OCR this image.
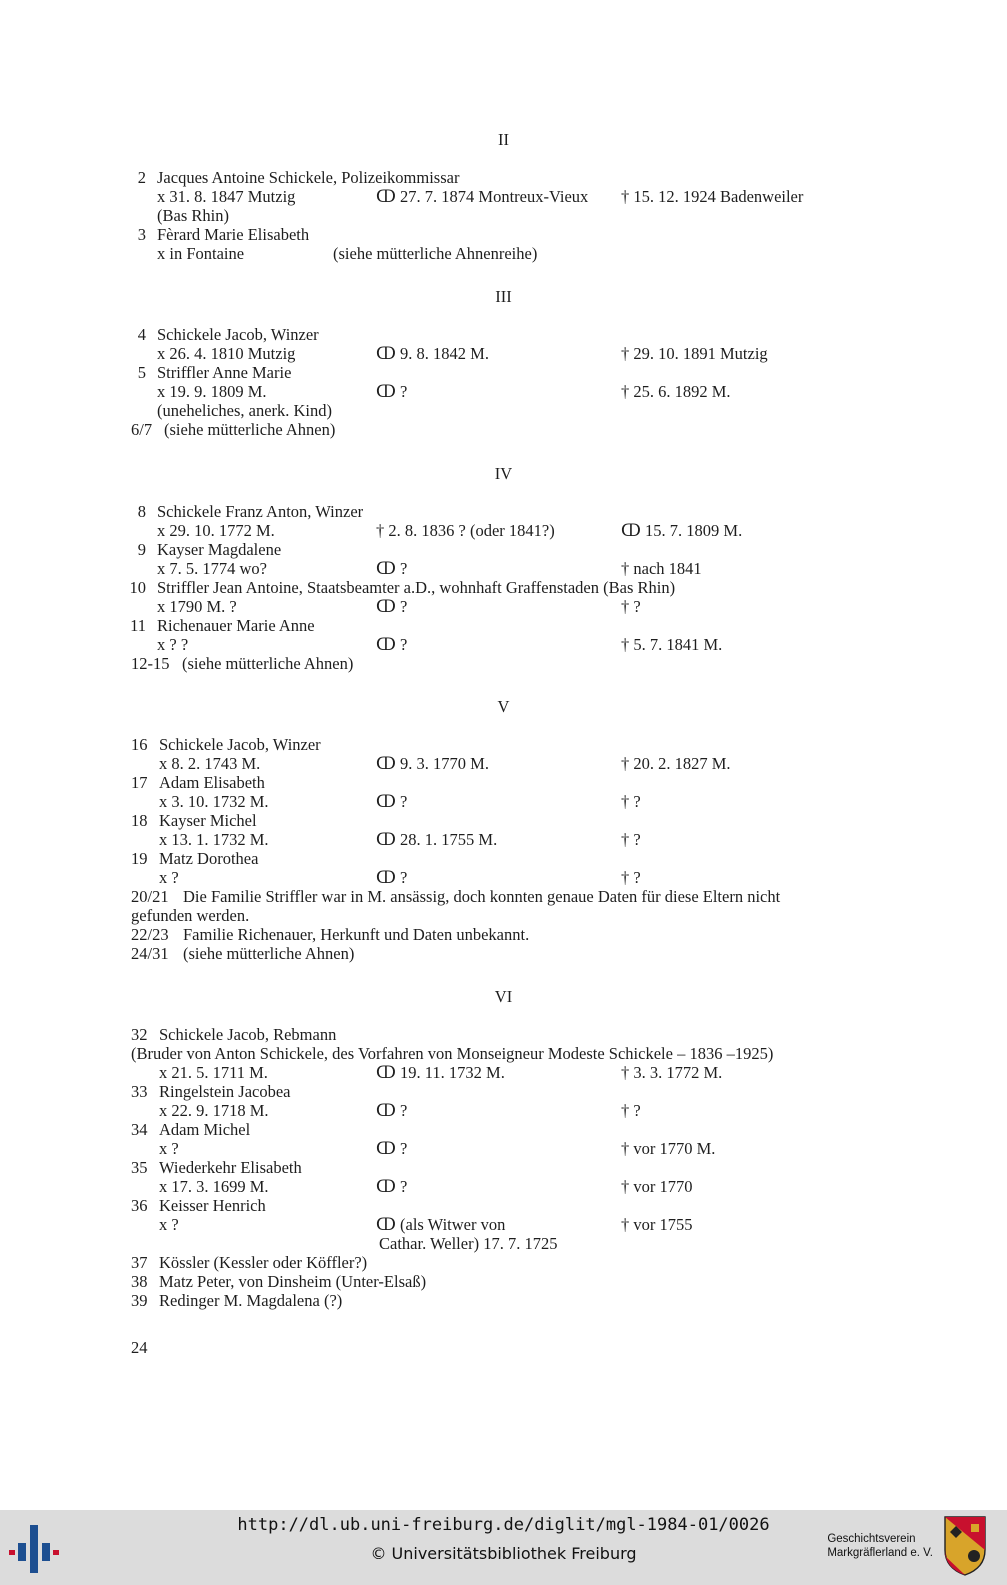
II
2 Jacques Antoine Schickele, Polizeikommissar
x 31. 8. 1847 Mutzig	ↀ 27. 7. 1874 Montreux-Vieux † 15. 12. 1924 Badenweiler
(Bas Rhin)
3 Fèrard Marie Elisabeth
x in Fontaine	(siehe mütterliche Ahnenreihe)
III
4 Schickele Jacob, Winzer
x 26. 4. 1810 Mutzig	ↀ 9. 8. 1842 M.	† 29. 10. 1891 Mutzig
5 Striffler Anne Marie
x 19. 9. 1809 M.	ↀ ?	† 25. 6. 1892 M.
(uneheliches, anerk. Kind)
6/7 (siehe mütterliche Ahnen)
IV
8 Schickele Franz Anton, Winzer
x 29. 10. 1772 M.	† 2. 8. 1836 ? (oder 1841?)	ↀ 15. 7. 1809 M.
9 Kayser Magdalene
x 7. 5. 1774 wo?	ↀ ?	† nach 1841
10 Striffler Jean Antoine, Staatsbeamter a.D., wohnhaft Graffenstaden (Bas Rhin)
x 1790 M. ?	ↀ ?	† ?
11 Richenauer Marie Anne
x ? ?	ↀ ?	† 5. 7. 1841 M.
12-15 (siehe mütterliche Ahnen)
V
16 Schickele Jacob, Winzer
x 8. 2. 1743 M.	ↀ 9. 3. 1770 M.	† 20. 2. 1827 M.
17 Adam Elisabeth
x 3. 10. 1732 M.	ↀ ?	† ?
18 Kayser Michel
x 13. 1. 1732 M.	ↀ 28. 1. 1755 M.	† ?
19 Matz Dorothea
x ?	ↀ ?	† ?
20/21 Die Familie Striffler war in M. ansässig, doch konnten genaue Daten für diese Eltern nicht
gefunden werden.
22/23 Familie Richenauer, Herkunft und Daten unbekannt.
24/31 (siehe mütterliche Ahnen)
VI
32 Schickele Jacob, Rebmann
(Bruder von Anton Schickele, des Vorfahren von Monseigneur Modeste Schickele – 1836 –1925)
x 21. 5. 1711 M.	ↀ 19. 11. 1732 M.	† 3. 3. 1772 M.
33 Ringelstein Jacobea
x 22. 9. 1718 M.	ↀ ?	† ?
34 Adam Michel
x ?	ↀ ?	† vor 1770 M.
35 Wiederkehr Elisabeth
x 17. 3. 1699 M.	ↀ ?	† vor 1770
36 Keisser Henrich
x ?	ↀ (als Witwer von	† vor 1755
Cathar. Weller) 17. 7. 1725
37 Kössler (Kessler oder Köffler?)
38 Matz Peter, von Dinsheim (Unter-Elsaß)
39 Redinger M. Magdalena (?)
24
http://dl.ub.uni-freiburg.de/diglit/mgl-1984-01/0026
© Universitätsbibliothek Freiburg
Geschichtsverein
Markgräflerland e. V.
